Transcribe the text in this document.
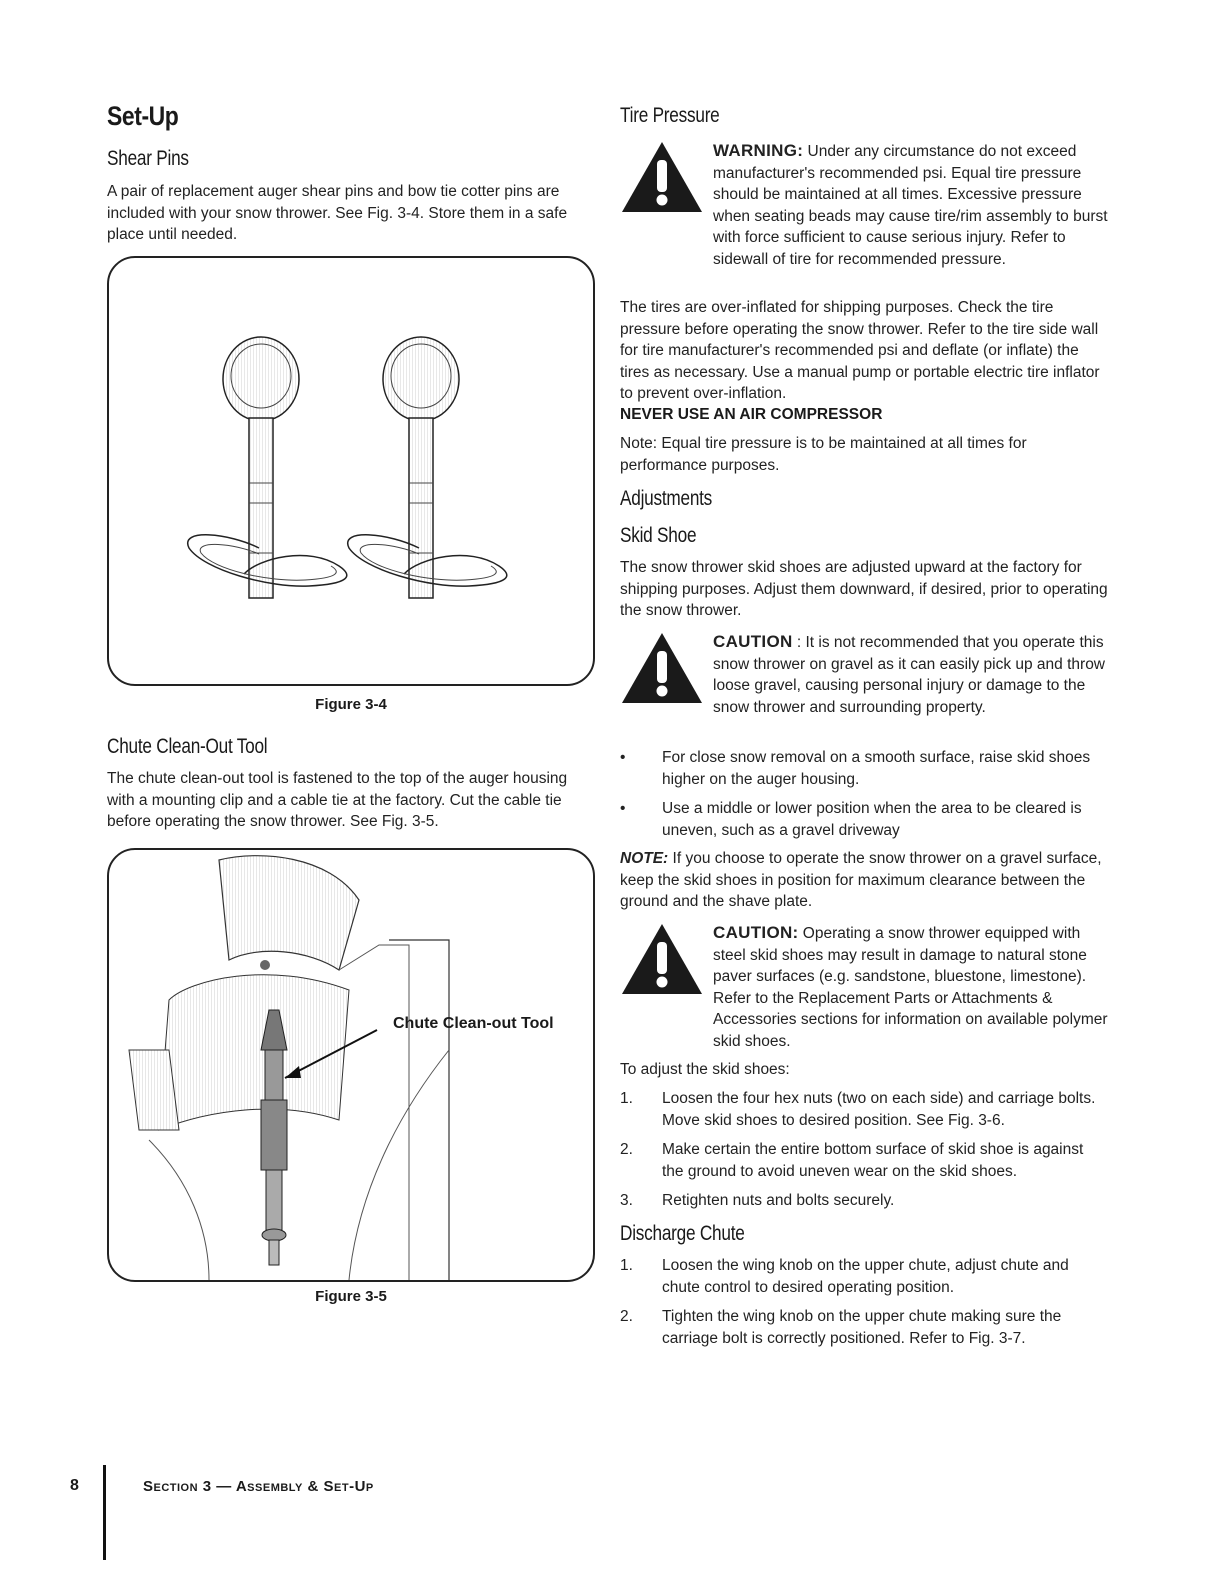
Set-Up
Shear Pins

A pair of replacement auger shear pins and bow tie cotter pins are included with your snow thrower. See Fig. 3-4. Store them in a safe place until needed.

Figure 3-4

Chute Clean-Out Tool

The chute clean-out tool is fastened to the top of the auger housing with a mounting clip and a cable tie at the factory. Cut the cable tie before operating the snow thrower. See Fig. 3-5.

Chute Clean-out Tool

Figure 3-5

Tire Pressure

WARNING: Under any circumstance do not exceed manufacturer's recommended psi. Equal tire pressure should be maintained at all times. Excessive pressure when seating beads may cause tire/rim assembly to burst with force sufficient to cause serious injury. Refer to sidewall of tire for recommended pressure.

The tires are over-inflated for shipping purposes. Check the tire pressure before operating the snow thrower. Refer to the tire side wall for tire manufacturer's recommended psi and deflate (or inflate) the tires as necessary. Use a manual pump or portable electric tire inflator to prevent over-inflation.

NEVER USE AN AIR COMPRESSOR

Note: Equal tire pressure is to be maintained at all times for performance purposes.

Adjustments
Skid Shoe

The snow thrower skid shoes are adjusted upward at the factory for shipping purposes. Adjust them downward, if desired, prior to operating the snow thrower.

CAUTION : It is not recommended that you operate this snow thrower on gravel as it can easily pick up and throw loose gravel, causing personal injury or damage to the snow thrower and surrounding property.

• For close snow removal on a smooth surface, raise skid shoes higher on the auger housing.
• Use a middle or lower position when the area to be cleared is uneven, such as a gravel driveway

NOTE: If you choose to operate the snow thrower on a gravel surface, keep the skid shoes in position for maximum clearance between the ground and the shave plate.

CAUTION: Operating a snow thrower equipped with steel skid shoes may result in damage to natural stone paver surfaces (e.g. sandstone, bluestone, limestone). Refer to the Replacement Parts or Attachments & Accessories sections for information on available polymer skid shoes.

To adjust the skid shoes:

1. Loosen the four hex nuts (two on each side) and carriage bolts. Move skid shoes to desired position. See Fig. 3-6.
2. Make certain the entire bottom surface of skid shoe is against the ground to avoid uneven wear on the skid shoes.
3. Retighten nuts and bolts securely.
Discharge Chute
1. Loosen the wing knob on the upper chute, adjust chute and chute control to desired operating position.
2. Tighten the wing knob on the upper chute making sure the carriage bolt is correctly positioned. Refer to Fig. 3-7.
8	Section 3 — Assembly & Set-Up
